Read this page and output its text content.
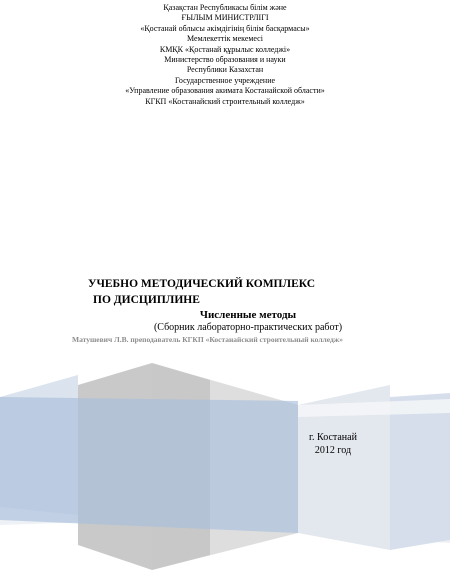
Қазақстан Республикасы білім және
ҒЫЛЫМ МИНИСТРЛІГІ
«Қостанай облысы әкімдігінің білім басқармасы»
Мемлекеттік мекемесі
КМҚК «Қостанай құрылыс колледжі»
Министерство образования и науки
Республики Казахстан
Государственное учреждение
«Управление образования акимата Костанайской области»
КГКП «Костанайский строительный колледж»
УЧЕБНО МЕТОДИЧЕСКИЙ КОМПЛЕКС
ПО ДИСЦИПЛИНЕ
Численные методы
(Сборник лабораторно-практических работ)
Матушевич Л.В. преподаватель КГКП «Костанайский строительный колледж»
г. Костанай
2012 год
